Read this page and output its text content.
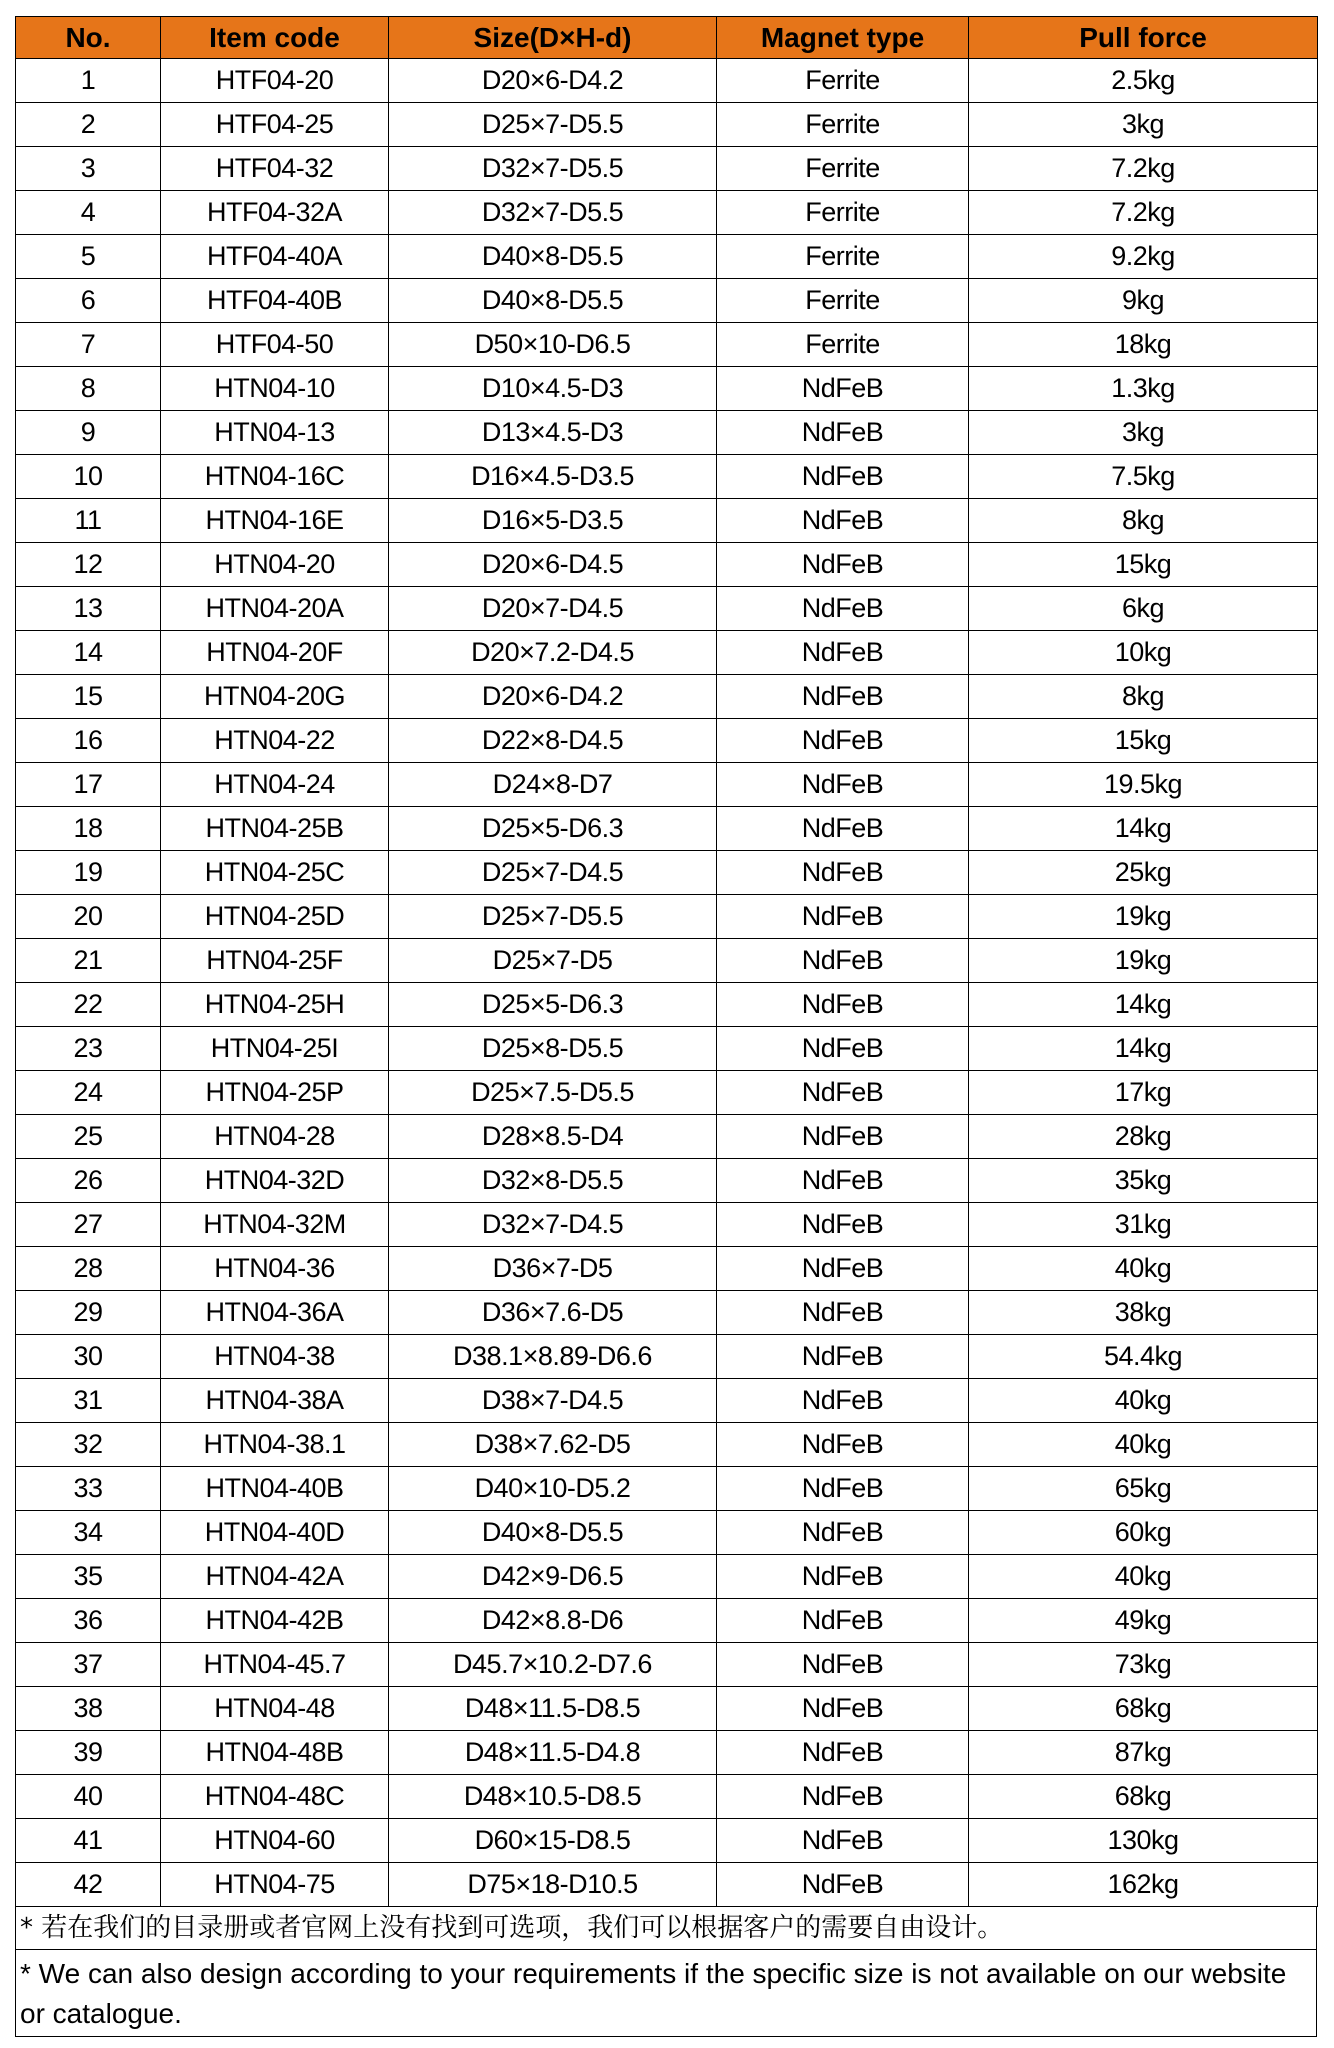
No.	Item code	Size(D×H-d)	Magnet type	Pull force
1	HTF04-20	D20×6-D4.2	Ferrite	2.5kg
2	HTF04-25	D25×7-D5.5	Ferrite	3kg
3	HTF04-32	D32×7-D5.5	Ferrite	7.2kg
4	HTF04-32A	D32×7-D5.5	Ferrite	7.2kg
5	HTF04-40A	D40×8-D5.5	Ferrite	9.2kg
6	HTF04-40B	D40×8-D5.5	Ferrite	9kg
7	HTF04-50	D50×10-D6.5	Ferrite	18kg
8	HTN04-10	D10×4.5-D3	NdFeB	1.3kg
9	HTN04-13	D13×4.5-D3	NdFeB	3kg
10	HTN04-16C	D16×4.5-D3.5	NdFeB	7.5kg
11	HTN04-16E	D16×5-D3.5	NdFeB	8kg
12	HTN04-20	D20×6-D4.5	NdFeB	15kg
13	HTN04-20A	D20×7-D4.5	NdFeB	6kg
14	HTN04-20F	D20×7.2-D4.5	NdFeB	10kg
15	HTN04-20G	D20×6-D4.2	NdFeB	8kg
16	HTN04-22	D22×8-D4.5	NdFeB	15kg
17	HTN04-24	D24×8-D7	NdFeB	19.5kg
18	HTN04-25B	D25×5-D6.3	NdFeB	14kg
19	HTN04-25C	D25×7-D4.5	NdFeB	25kg
20	HTN04-25D	D25×7-D5.5	NdFeB	19kg
21	HTN04-25F	D25×7-D5	NdFeB	19kg
22	HTN04-25H	D25×5-D6.3	NdFeB	14kg
23	HTN04-25I	D25×8-D5.5	NdFeB	14kg
24	HTN04-25P	D25×7.5-D5.5	NdFeB	17kg
25	HTN04-28	D28×8.5-D4	NdFeB	28kg
26	HTN04-32D	D32×8-D5.5	NdFeB	35kg
27	HTN04-32M	D32×7-D4.5	NdFeB	31kg
28	HTN04-36	D36×7-D5	NdFeB	40kg
29	HTN04-36A	D36×7.6-D5	NdFeB	38kg
30	HTN04-38	D38.1×8.89-D6.6	NdFeB	54.4kg
31	HTN04-38A	D38×7-D4.5	NdFeB	40kg
32	HTN04-38.1	D38×7.62-D5	NdFeB	40kg
33	HTN04-40B	D40×10-D5.2	NdFeB	65kg
34	HTN04-40D	D40×8-D5.5	NdFeB	60kg
35	HTN04-42A	D42×9-D6.5	NdFeB	40kg
36	HTN04-42B	D42×8.8-D6	NdFeB	49kg
37	HTN04-45.7	D45.7×10.2-D7.6	NdFeB	73kg
38	HTN04-48	D48×11.5-D8.5	NdFeB	68kg
39	HTN04-48B	D48×11.5-D4.8	NdFeB	87kg
40	HTN04-48C	D48×10.5-D8.5	NdFeB	68kg
41	HTN04-60	D60×15-D8.5	NdFeB	130kg
42	HTN04-75	D75×18-D10.5	NdFeB	162kg
* 若在我们的目录册或者官网上没有找到可选项，我们可以根据客户的需要自由设计。
* We can also design according to your requirements if the specific size is not available on our website or catalogue.
